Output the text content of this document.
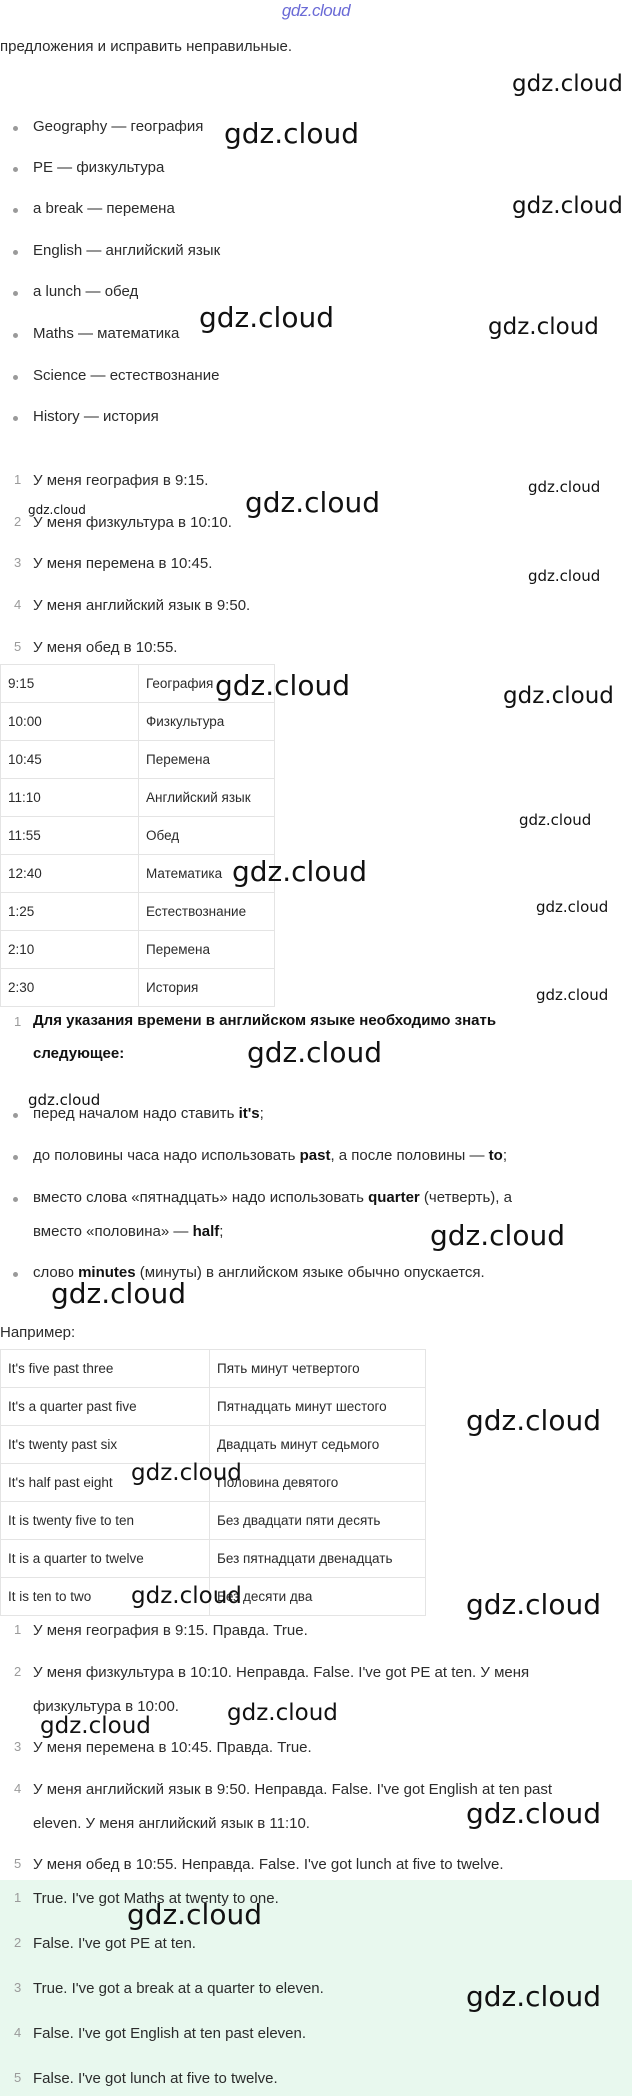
gdz.cloud
предложения и исправить неправильные.
Geography — география
PE — физкультура
a break — перемена
English — английский язык
a lunch — обед
Maths — математика
Science — естествознание
History — история
1 У меня география в 9:15.
2 У меня физкультура в 10:10.
3 У меня перемена в 10:45.
4 У меня английский язык в 9:50.
5 У меня обед в 10:55.
9:15	География
10:00	Физкультура
10:45	Перемена
11:10	Английский язык
11:55	Обед
12:40	Математика
1:25	Естествознание
2:10	Перемена
2:30	История
1 Для указания времени в английском языке необходимо знать
следующее:
перед началом надо ставить it's;
до половины часа надо использовать past, а после половины — to;
вместо слова «пятнадцать» надо использовать quarter (четверть), а
вместо «половина» — half;
слово minutes (минуты) в английском языке обычно опускается.
Например:
It's five past three	Пять минут четвертого
It's a quarter past five	Пятнадцать минут шестого
It's twenty past six	Двадцать минут седьмого
It's half past eight	Половина девятого
It is twenty five to ten	Без двадцати пяти десять
It is a quarter to twelve	Без пятнадцати двенадцать
It is ten to two	Без десяти два
1 У меня география в 9:15. Правда. True.
2 У меня физкультура в 10:10. Неправда. False. I've got PE at ten. У меня
физкультура в 10:00.
3 У меня перемена в 10:45. Правда. True.
4 У меня английский язык в 9:50. Неправда. False. I've got English at ten past
eleven. У меня английский язык в 11:10.
5 У меня обед в 10:55. Неправда. False. I've got lunch at five to twelve.
1 True. I've got Maths at twenty to one.
2 False. I've got PE at ten.
3 True. I've got a break at a quarter to eleven.
4 False. I've got English at ten past eleven.
5 False. I've got lunch at five to twelve.
gdz.cloud
gdz.cloud
gdz.cloud
gdz.cloud	gdz.cloud
gdz.cloud
gdz.cloud
gdz.cloud
gdz.cloud
gdz.cloud	gdz.cloud
gdz.cloud
gdz.cloud
gdz.cloud
gdz.cloud
gdz.cloud
gdz.cloud
gdz.cloud
gdz.cloud
gdz.cloud
gdz.cloud
gdz.cloud	gdz.cloud
gdz.cloud
gdz.cloud
gdz.cloud
gdz.cloud
gdz.cloud
